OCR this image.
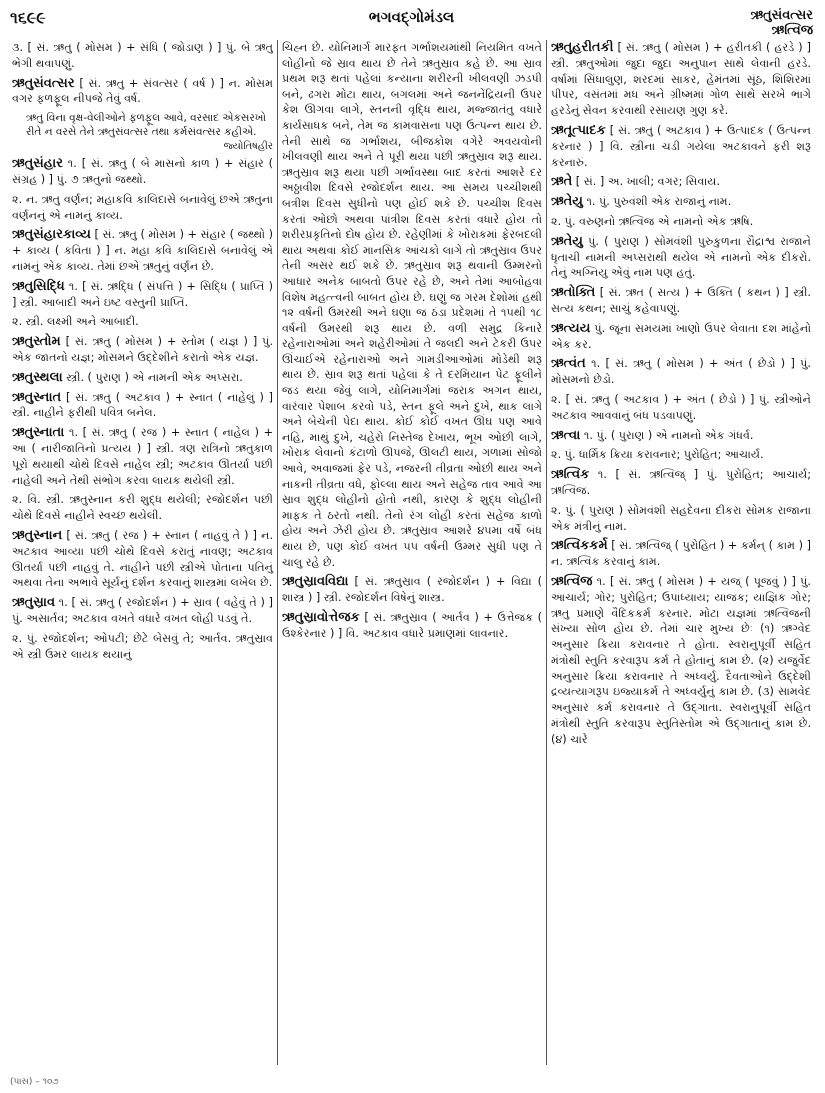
૧૬૯૯	ભગવદ્ગોમંડલ	ઋતુસંવત્સર
ઋત્વિજ

૩. [ સં. ઋતુ ( મોસમ ) + સંધિ ( જોડાણ ) ] પું. બે ઋતુ ભેગી થવાપણું.

ઋતુસંવત્સર [ સં. ઋતુ + સંવત્સર ( વર્ષ ) ] ન. મોસમ વગર ફળફૂલ નીપજે તેવું વર્ષ.

ઋતુ વિના વૃક્ષ-વેલીઓને ફળફૂલ આવે, વરસાદ એકસરખો રીતે ન વરસે તેને ઋતુસંવત્સર તથા કર્મસંવત્સર કહીએ.
જ્યોતિષહીર

ઋતુસંહાર ૧. [ સં. ઋતુ ( બે માસનો કાળ ) + સંહાર ( સંગ્રહ ) ] પું. ૭ ઋતુનો જથ્થો.

૨. ન. ઋતુ વર્ણન; મહાકવિ કાલિદાસે બનાવેલું છએ ઋતુના વર્ણનનું એ નામનું કાવ્ય.

ઋતુસંહારકાવ્ય [ સં. ઋતુ ( મોસમ ) + સંહાર ( જથ્થો ) + કાવ્ય ( કવિતા ) ] ન. મહા કવિ કાલિદાસે બનાવેલું એ નામનું એક કાવ્ય. તેમાં છએ ઋતુનું વર્ણન છે.

ઋતુસિદ્ધિ ૧. [ સં. ઋદ્ધિ ( સંપત્તિ ) + સિદ્ધિ ( પ્રાપ્તિ ) ] સ્ત્રી. આબાદી અને ઇષ્ટ વસ્તુની પ્રાપ્તિ.

૨. સ્ત્રી. લક્ષ્મી અને આબાદી.

ઋતુસ્તોમ [ સં. ઋતુ ( મોસમ ) + સ્તોમ ( યજ્ઞ ) ] પું. એક જાતનો યજ્ઞ; મોસમને ઉદ્દેશીને કરાતો એક યજ્ઞ.

ઋતુસ્થલા સ્ત્રી. ( પુરાણ ) એ નામની એક અપ્સરા.

ઋતુસ્નાત [ સં. ઋતુ ( અટકાવ ) + સ્નાત ( નાહેલું ) ] સ્ત્રી. નાહીને ફરીથી પવિત્ર બનેલ.

ઋતુસ્નાતા ૧. [ સં. ઋતુ ( રજ ) + સ્નાત ( નાહેલ ) + આ ( નારીજાતિનો પ્રત્યય ) ] સ્ત્રી. ત્રણ રાત્રિનો ઋતુકાળ પૂરો થયાથી ચોથે દિવસે નાહેલ સ્ત્રી; અટકાવ ઊતર્યા પછી નાહેલી અને તેથી સંભોગ કરવા લાયક થયેલી સ્ત્રી.

૨. વિ. સ્ત્રી. ઋતુસ્નાન કરી શુદ્ધ થયેલી; રજોદર્શન પછી ચોથે દિવસે નાહીને સ્વચ્છ થયેલી.

ઋતુસ્નાન [ સં. ઋતુ ( રજ ) + સ્નાન ( નાહવું તે ) ] ન. અટકાવ આવ્યા પછી ચોથે દિવસે કરાતું નાવણ; અટકાવ ઊતર્યા પછી નાહવું તે. નાહીને પછી સ્ત્રીએ પોતાના પતિનું અથવા તેના અભાવે સૂર્યનું દર્શન કરવાનું શાસ્ત્રમાં લખેલ છે.

ઋતુસ્રાવ ૧. [ સં. ઋતુ ( રજોદર્શન ) + સ્રાવ ( વહેવું તે ) ] પું. અસાર્તવ; અટકાવ વખતે વધારે વખત લોહી પડવું તે.

૨. પું. રજોદર્શન; ઓપટી; છેટે બેસવું તે; આર્તવ. ઋતુસ્રાવ એ સ્ત્રી ઉમર લાયક થયાનું

ચિહ્ન છે. યોનિમાર્ગ મારફત ગર્ભાશયમાંથી નિયમિત વખતે લોહીનો જે સ્રાવ થાય છે તેને ઋતુસ્રાવ કહે છે. આ સ્રાવ પ્રથમ શરૂ થતાં પહેલાં કન્યાના શરીરની ખીલવણી ઝડપી બને, ઢગરા મોટા થાય, બગલમાં અને જનનેંદ્રિયની ઉપર કેશ ઊગવા લાગે, સ્તનની વૃદ્ધિ થાય, મજ્જાતંતુ વધારે કાર્યસાધક બને, તેમ જ કામવાસના પણ ઉત્પન્ન થાય છે. તેની સાથે જ ગર્ભાશય, બીજકોશ વગેરે અવયવોની ખીલવણી થાય અને તે પૂરી થયા પછી ઋતુસ્રાવ શરૂ થાય. ઋતુસ્રાવ શરૂ થયા પછી ગર્ભાવસ્થા બાદ કરતાં આશરે દર અઠ્ઠાવીશ દિવસે રજોદર્શન થાય. આ સમય પચ્ચીશથી બત્રીશ દિવસ સુધીનો પણ હોઈ શકે છે. પચ્ચીશ દિવસ કરતાં ઓછો અથવા પાંત્રીશ દિવસ કરતાં વધારે હોય તો શરીરપ્રકૃતિનો દોષ હોય છે. રહેણીમાં કે ખોરાકમાં ફેરબદલી થાય અથવા કોઈ માનસિક આંચકો લાગે તો ઋતુસ્રાવ ઉપર તેની અસર થઈ શકે છે. ઋતુસ્રાવ શરૂ થવાની ઉમ્મરનો આધાર અનેક બાબતો ઉપર રહે છે, અને તેમાં આબોહવા વિશેષ મહત્ત્વની બાબત હોય છે. ઘણું જ ગરમ દેશોમાં હથી ૧૨ વર્ષની ઉમરથી અને ઘણા જ ઠંડા પ્રદેશમાં તે ૧૫થી ૧૮ વર્ષની ઉમરથી શરૂ થાય છે. વળી સમુદ્ર કિનારે રહેનારાઓમાં અને શહેરીઓમાં તે જલદી અને ટેકરી ઉપર ઊંચાઈએ રહેનારાઓ અને ગામડીઆઓમાં મોડેથી શરૂ થાય છે. સ્રાવ શરૂ થતાં પહેલાં કે તે દરમિયાન પેટ ફૂલીને જડ થયા જેવું લાગે, યોનિમાર્ગમાં જરાક અગન થાય, વારંવાર પેશાબ કરવો પડે, સ્તન ફૂલે અને દુખે, થાક લાગે અને બેચેની પેદા થાય. કોઈ કોઈ વખત ઊંઘ પણ આવે નહિ, માથું દુખે, ચહેરો નિસ્તેજ દેખાય, ભૂખ ઓછી લાગે, ખોરાક લેવાનો કંટાળો ઊપજે, ઊલટી થાય, ગળામાં સોજો આવે, અવાજમાં ફેર પડે, નજરની તીવ્રતા ઓછી થાય અને નાકની તીવ્રતા વધે, ફોલ્લા થાય અને સહેજ તાવ આવે આ સ્રાવ શુદ્ધ લોહીનો હોતો નથી, કારણ કે શુદ્ધ લોહીની માફક તે ઠરતો નથી. તેનો રંગ લોહી કરતાં સહેજ કાળો હોય અને ઝેરી હોય છે. ઋતુસ્રાવ આશરે ૪૫મા વર્ષે બંધ થાય છે, પણ કોઈ વખત ૫૫ વર્ષની ઉમ્મર સુધી પણ તે ચાલુ રહે છે.

ઋતુસ્રાવવિદ્યા [ સં. ઋતુસ્રાવ ( રજોદર્શન ) + વિદ્યા ( શાસ્ત્ર ) ] સ્ત્રી. રજોદર્શન વિષેનું શાસ્ત્ર.

ઋતુસ્રાવોત્તેજક [ સં. ઋતુસ્રાવ ( આર્તવ ) + ઉત્તેજક ( ઉશ્કેરનાર ) ] વિ. અટકાવ વધારે પ્રમાણમાં લાવનાર.

ઋતુહરીતકી [ સં. ઋતુ ( મોસમ ) + હરીતકી ( હરડે ) ] સ્ત્રી. ઋતુઓમાં જુદા જુદા અનુપાન સાથે લેવાની હરડે. વર્ષામાં સિંધાલુણ, શરદમાં સાકર, હેમંતમાં સૂંઠ, શિશિરમાં પીપર, વસંતમાં મધ અને ગ્રીષ્મમાં ગોળ સાથે સરખે ભાગે હરડેનું સેવન કરવાથી રસાયણ ગુણ કરે.

ઋતૂત્પાદક [ સં. ઋતુ ( અટકાવ ) + ઉત્પાદક ( ઉત્પન્ન કરનાર ) ] વિ. સ્ત્રીના ચડી ગયેલા અટકાવને ફરી શરૂ કરનારું.

ઋતે [ સં. ] અ. ખાલી; વગર; સિવાય.

ઋતેયુ ૧. પું. પુરુવંશી એક રાજાનું નામ.

૨. પું. વરુણનો ઋત્વિજ એ નામનો એક ઋષિ.

ઋતેયુ પું. ( પુરાણ ) સોમવંશી પુરુકુળના રૌદ્રાશ્વ રાજાને ધૃતાચી નામની અપ્સરાથી થયેલ એ નામનો એક દીકરો. તેનું અગ્નિયુ એવું નામ પણ હતું.

ઋતોક્તિ [ સં. ઋત ( સત્ય ) + ઉક્તિ ( કથન ) ] સ્ત્રી. સત્ય કથન; સાચું કહેવાપણું.

ઋત્યય પું. જૂના સમયમાં ખાણો ઉપર લેવાતા દશ માંહેનો એક કર.

ઋત્વંત ૧. [ સં. ઋતુ ( મોસમ ) + અંત ( છેડો ) ] પું. મોસમનો છેડો.

૨. [ સં. ઋતુ ( અટકાવ ) + અંત ( છેડો ) ] પું. સ્ત્રીઓને અટકાવ આવવાનું બંધ પડવાપણું.

ઋત્વા ૧. પું. ( પુરાણ ) એ નામનો એક ગંધર્વ.

૨. પું. ધાર્મિક ક્રિયા કરાવનાર; પુરોહિત; આચાર્ય.

ઋત્વિક ૧. [ સં. ઋત્વિજ્ ] પું. પુરોહિત; આચાર્ય; ઋત્વિજ.

૨. પું. ( પુરાણ ) સોમવંશી સહદેવના દીકરા સોમક રાજાના એક મંત્રીનું નામ.

ઋત્વિકકર્મ [ સં. ઋત્વિજ્ ( પુરોહિત ) + કર્મન્ ( કામ ) ] ન. ઋત્વિક કરવાનું કામ.

ઋત્વિજ ૧. [ સં. ઋતુ ( મોસમ ) + યજ્ ( પૂજવું ) ] પું. આચાર્ય; ગોર; પુરોહિત; ઉપાધ્યાય; યાજક; યાજ્ઞિક ગોર; ઋતુ પ્રમાણે વૈદિકકર્મ કરનાર. મોટા યજ્ઞમાં ઋત્વિજની સંખ્યા સોળ હોય છે. તેમાં ચાર મુખ્ય છેઃ (૧) ઋગ્વેદ અનુસાર ક્રિયા કરાવનાર તે હોતા. સ્વરાનુપૂર્વી સહિત મંત્રોથી સ્તુતિ કરવારૂપ કર્મ તે હોતાનું કામ છે. (૨) યજુર્વેદ અનુસાર ક્રિયા કરાવનાર તે અધ્વર્યુ. દૈવતાઓને ઉદ્દેશી દ્રવ્યત્યાગરૂપ ઇજ્યાકર્મ તે અધ્વર્યુનું કામ છે. (૩) સામવેદ અનુસાર કર્મ કરાવનાર તે ઉદ્ગાતા. સ્વરાનુપૂર્વી સહિત મંત્રોથી સ્તુતિ કરવારૂપ સ્તુતિસ્તોમ એ ઉદ્ગાતાનું કામ છે. (૪) ચારે

(પાસ) – ૧૦૭
